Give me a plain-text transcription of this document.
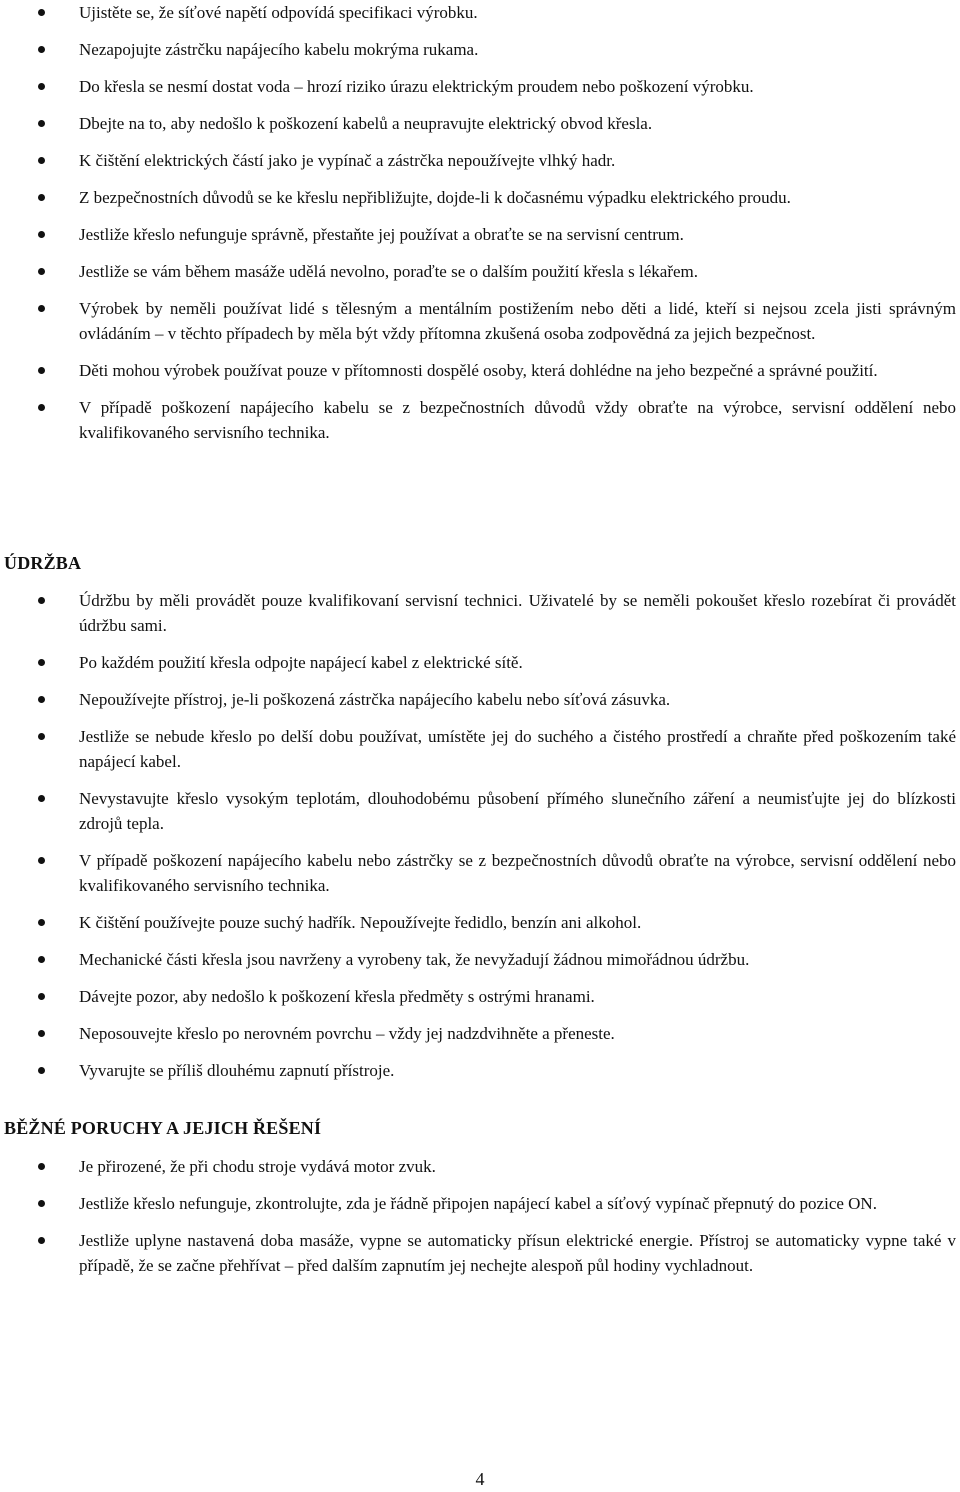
Ujistěte se, že síťové napětí odpovídá specifikaci výrobku.
Nezapojujte zástrčku napájecího kabelu mokrýma rukama.
Do křesla se nesmí dostat voda – hrozí riziko úrazu elektrickým proudem nebo poškození výrobku.
Dbejte na to, aby nedošlo k poškození kabelů a neupravujte elektrický obvod křesla.
K čištění elektrických částí jako je vypínač a zástrčka nepoužívejte vlhký hadr.
Z bezpečnostních důvodů se ke křeslu nepřibližujte, dojde-li k dočasnému výpadku elektrického proudu.
Jestliže křeslo nefunguje správně, přestaňte jej používat a obraťte se na servisní centrum.
Jestliže se vám během masáže udělá nevolno, poraďte se o dalším použití křesla s lékařem.
Výrobek by neměli používat lidé s tělesným a mentálním postižením nebo děti a lidé, kteří si nejsou zcela jisti správným ovládáním – v těchto případech by měla být vždy přítomna zkušená osoba zodpovědná za jejich bezpečnost.
Děti mohou výrobek používat pouze v přítomnosti dospělé osoby, která dohlédne na jeho bezpečné a správné použití.
V případě poškození napájecího kabelu se z bezpečnostních důvodů vždy obraťte na výrobce, servisní oddělení nebo kvalifikovaného servisního technika.
ÚDRŽBA
Údržbu by měli provádět pouze kvalifikovaní servisní technici. Uživatelé by se neměli pokoušet křeslo rozebírat či provádět údržbu sami.
Po každém použití křesla odpojte napájecí kabel z elektrické sítě.
Nepoužívejte přístroj, je-li poškozená zástrčka napájecího kabelu nebo síťová zásuvka.
Jestliže se nebude křeslo po delší dobu používat, umístěte jej do suchého a čistého prostředí a chraňte před poškozením také napájecí kabel.
Nevystavujte křeslo vysokým teplotám, dlouhodobému působení přímého slunečního záření a neumisťujte jej do blízkosti zdrojů tepla.
V případě poškození napájecího kabelu nebo zástrčky se z bezpečnostních důvodů obraťte na výrobce, servisní oddělení nebo kvalifikovaného servisního technika.
K čištění používejte pouze suchý hadřík. Nepoužívejte ředidlo, benzín ani alkohol.
Mechanické části křesla jsou navrženy a vyrobeny tak, že nevyžadují žádnou mimořádnou údržbu.
Dávejte pozor, aby nedošlo k poškození křesla předměty s ostrými hranami.
Neposouvejte křeslo po nerovném povrchu – vždy jej nadzdvihněte a přeneste.
Vyvarujte se příliš dlouhému zapnutí přístroje.
BĚŽNÉ PORUCHY A JEJICH ŘEŠENÍ
Je přirozené, že při chodu stroje vydává motor zvuk.
Jestliže křeslo nefunguje, zkontrolujte, zda je řádně připojen napájecí kabel a síťový vypínač přepnutý do pozice ON.
Jestliže uplyne nastavená doba masáže, vypne se automaticky přísun elektrické energie. Přístroj se automaticky vypne také v případě, že se začne přehřívat – před dalším zapnutím jej nechejte alespoň půl hodiny vychladnout.
4
